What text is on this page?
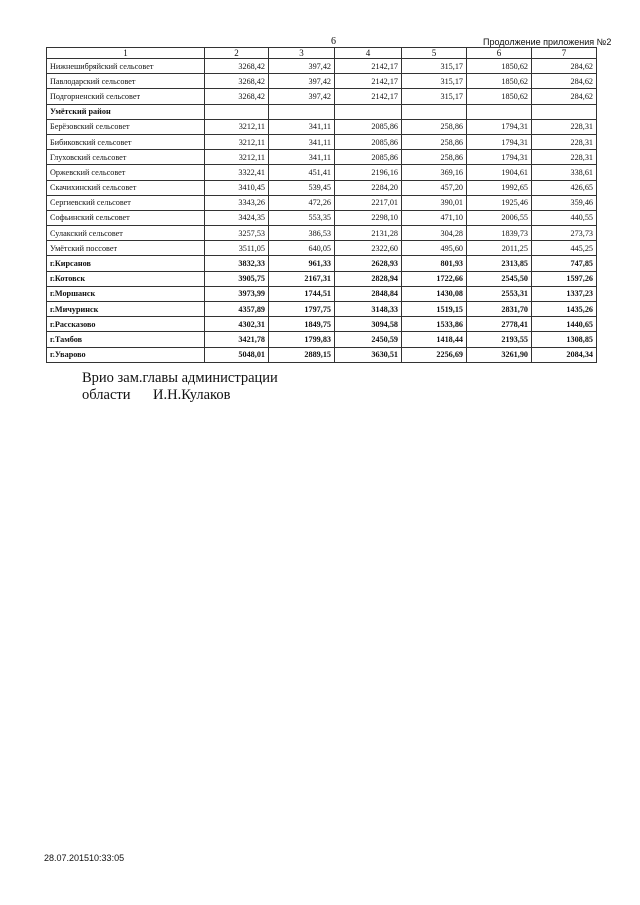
6	Продолжение приложения №2
1	2	3	4	5	6	7
Нижнешибряйский сельсовет	3268,42	397,42	2142,17	315,17	1850,62	284,62
Павлодарский сельсовет	3268,42	397,42	2142,17	315,17	1850,62	284,62
Подгорненский сельсовет	3268,42	397,42	2142,17	315,17	1850,62	284,62
Умётский район						
Берёзовский сельсовет	3212,11	341,11	2085,86	258,86	1794,31	228,31
Бибиковский сельсовет	3212,11	341,11	2085,86	258,86	1794,31	228,31
Глуховский сельсовет	3212,11	341,11	2085,86	258,86	1794,31	228,31
Оржевский сельсовет	3322,41	451,41	2196,16	369,16	1904,61	338,61
Скачихинский сельсовет	3410,45	539,45	2284,20	457,20	1992,65	426,65
Сергиевский сельсовет	3343,26	472,26	2217,01	390,01	1925,46	359,46
Софьинский сельсовет	3424,35	553,35	2298,10	471,10	2006,55	440,55
Сулакский сельсовет	3257,53	386,53	2131,28	304,28	1839,73	273,73
Умётский поссовет	3511,05	640,05	2322,60	495,60	2011,25	445,25
г.Кирсанов	3832,33	961,33	2628,93	801,93	2313,85	747,85
г.Котовск	3905,75	2167,31	2828,94	1722,66	2545,50	1597,26
г.Моршанск	3973,99	1744,51	2848,84	1430,08	2553,31	1337,23
г.Мичуринск	4357,89	1797,75	3148,33	1519,15	2831,70	1435,26
г.Рассказово	4302,31	1849,75	3094,58	1533,86	2778,41	1440,65
г.Тамбов	3421,78	1799,83	2450,59	1418,44	2193,55	1308,85
г.Уварово	5048,01	2889,15	3630,51	2256,69	3261,90	2084,34
Врио зам.главы администрации
области И.Н.Кулаков
28.07.201510:33:05
